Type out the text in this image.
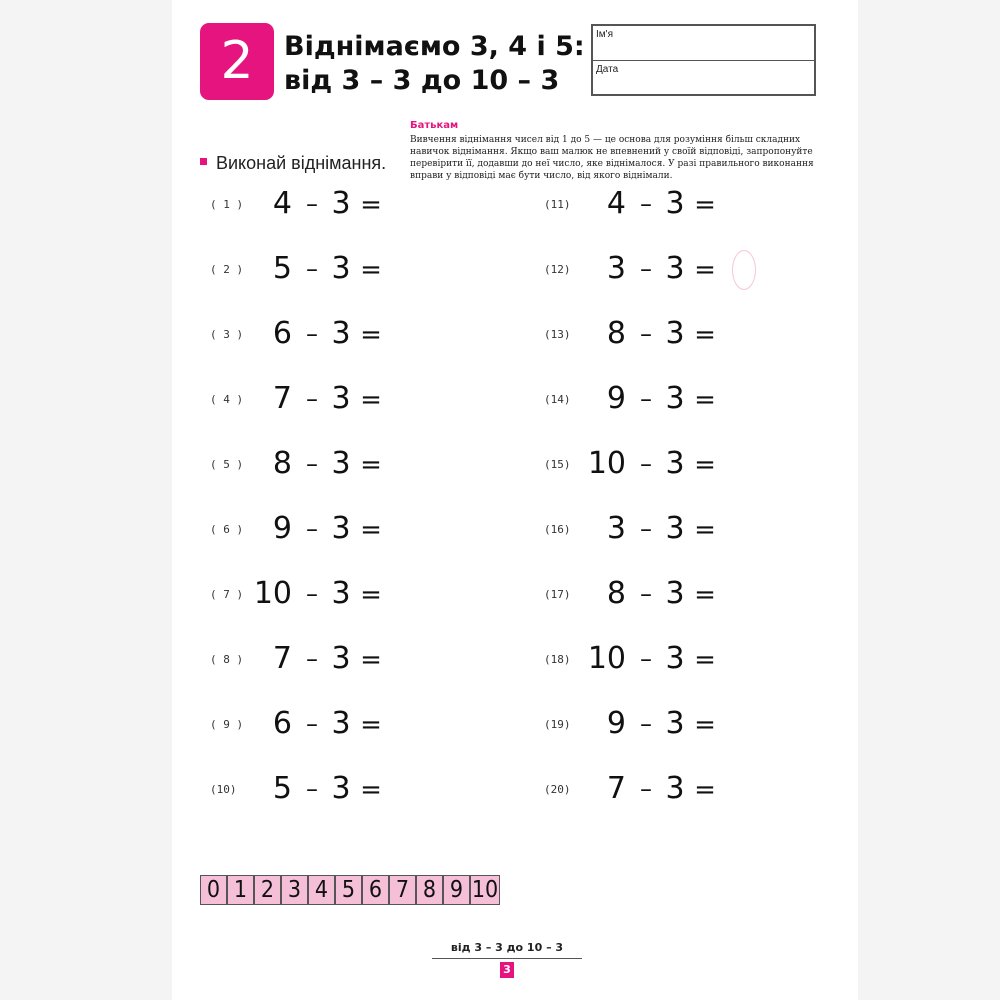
2	Віднімаємо 3, 4 і 5:
від 3 – 3 до 10 – 3
Ім'я
Дата
Батькам
Вивчення віднімання чисел від 1 до 5 — це основа для розуміння більш складних навичок віднімання. Якщо ваш малюк не впевнений у своїй відповіді, запропонуйте перевірити її, додавши до неї число, яке віднімалося. У разі правильного виконання вправи у відповіді має бути число, від якого віднімали.
Виконай віднімання.
( 1 ) 4 – 3 =
( 2 ) 5 – 3 =
( 3 ) 6 – 3 =
( 4 ) 7 – 3 =
( 5 ) 8 – 3 =
( 6 ) 9 – 3 =
( 7 ) 10 – 3 =
( 8 ) 7 – 3 =
( 9 ) 6 – 3 =
(10)	5 – 3 =
(11)	4 – 3 =
(12)	3 – 3 =
(13)	8 – 3 =
(14)	9 – 3 =
(15) 10 – 3 =
(16)	3 – 3 =
(17)	8 – 3 =
(18) 10 – 3 =
(19)	9 – 3 =
(20)	7 – 3 =
0 1 2 3 4 5 6 7 8 9 10
від 3 – 3 до 10 – 3
3
